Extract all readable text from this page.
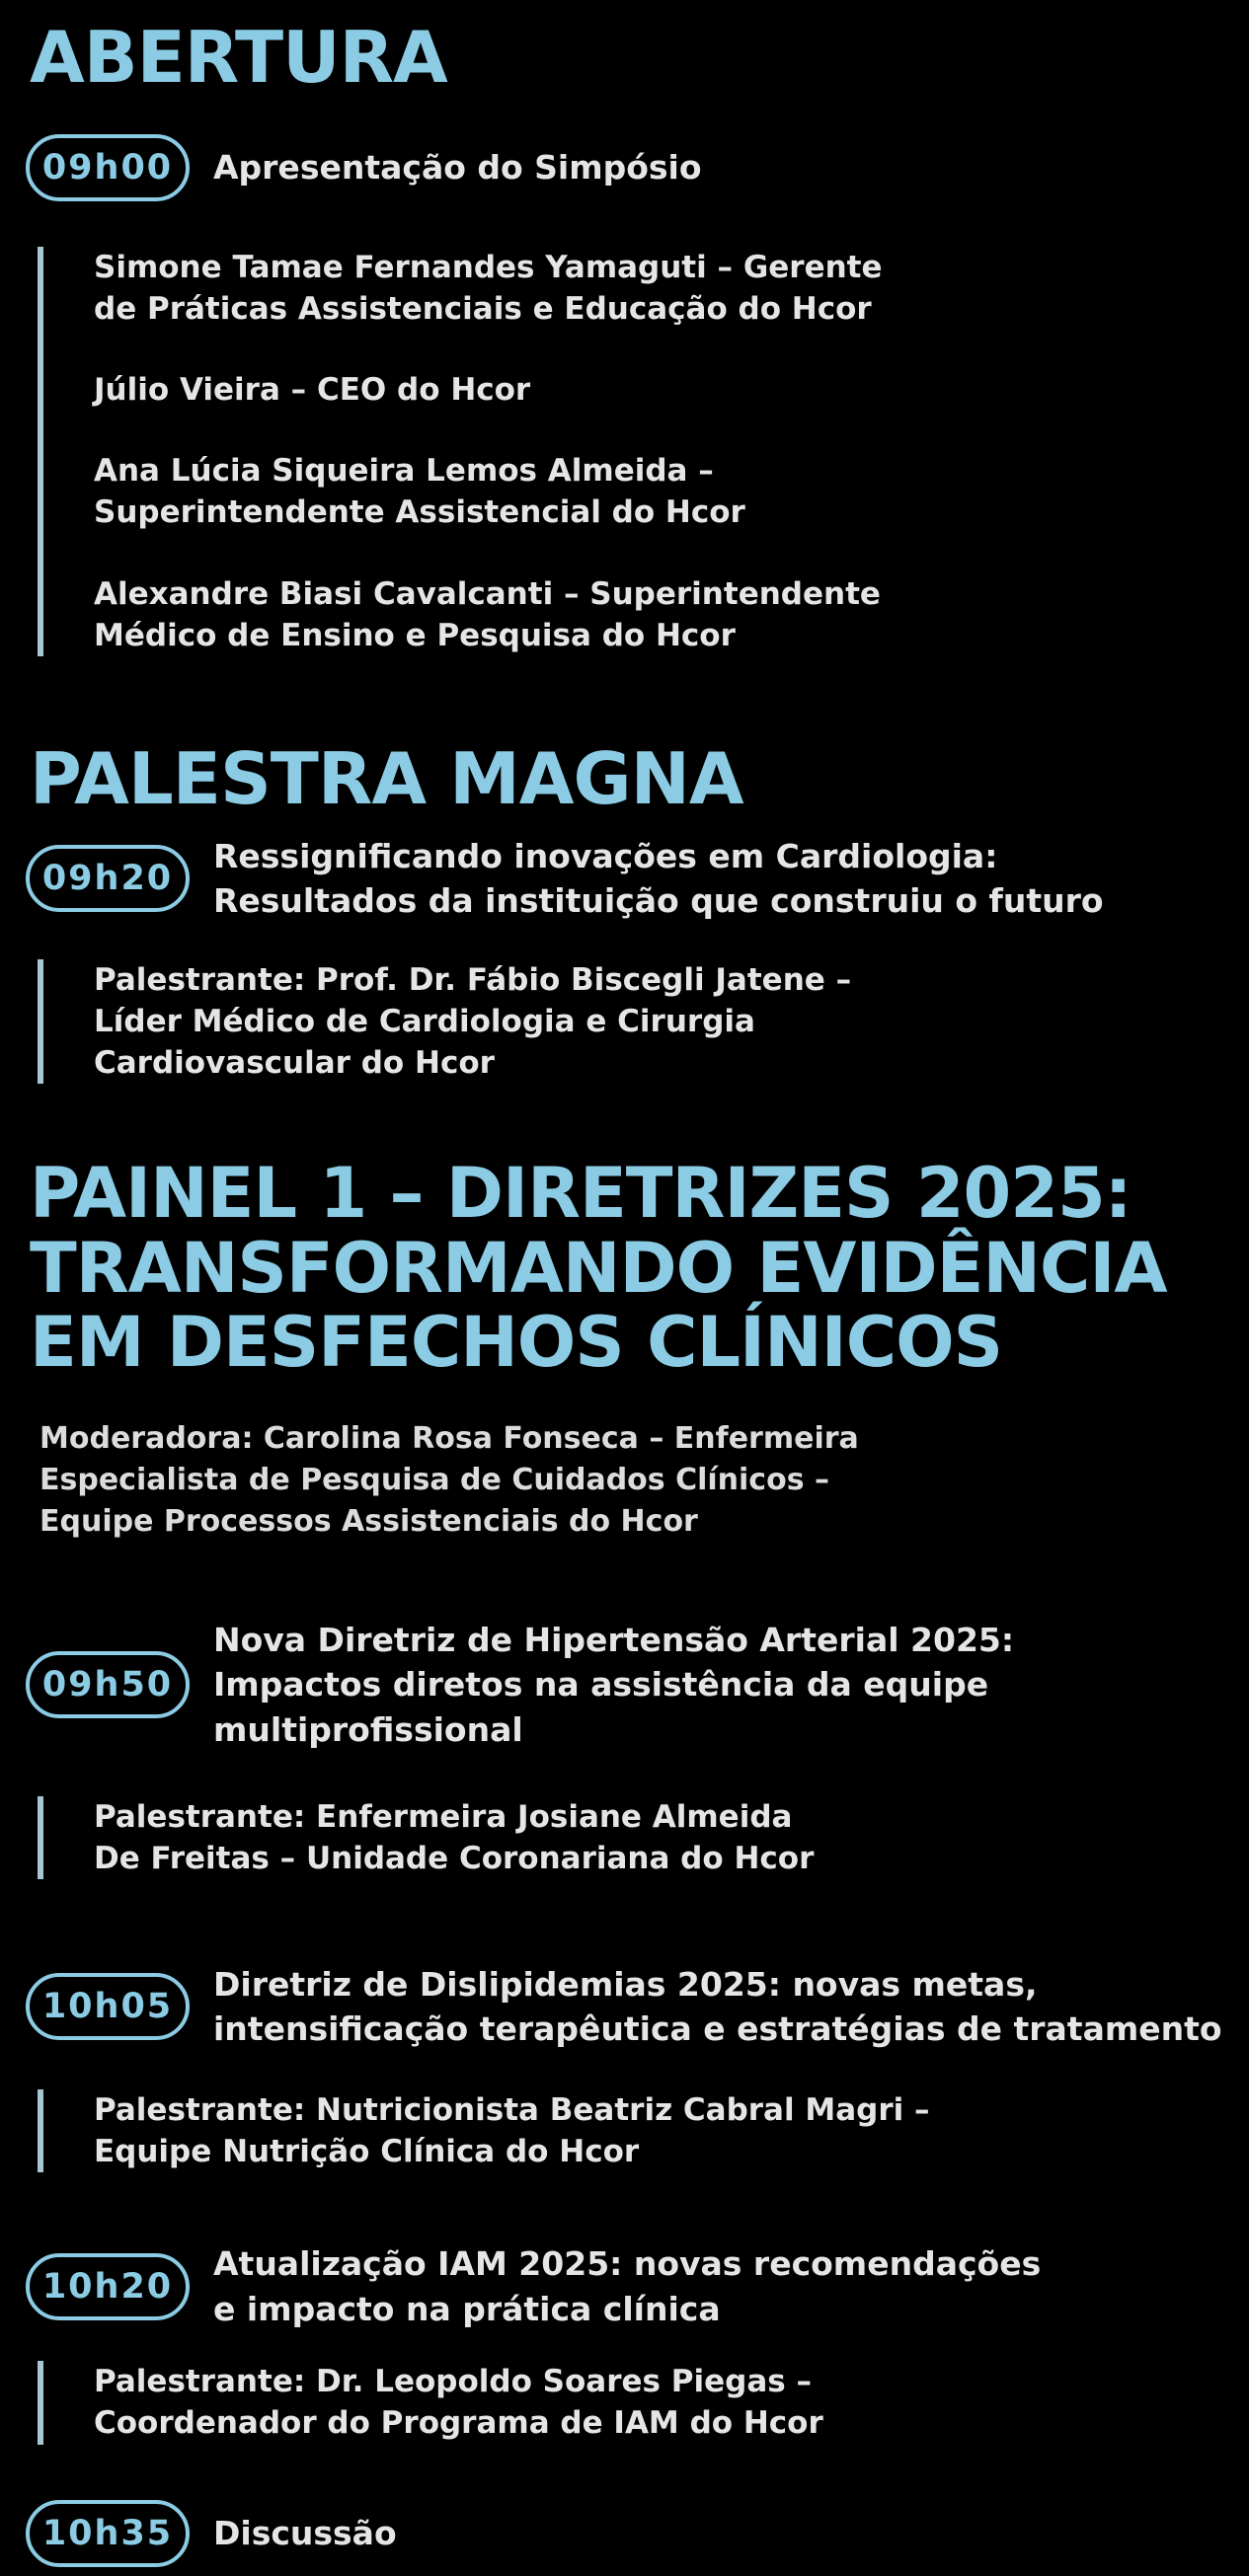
ABERTURA
09h00	Apresentação do Simpósio

Simone Tamae Fernandes Yamaguti – Gerente
de Práticas Assistenciais e Educação do Hcor

Júlio Vieira – CEO do Hcor

Ana Lúcia Siqueira Lemos Almeida –
Superintendente Assistencial do Hcor

Alexandre Biasi Cavalcanti – Superintendente
Médico de Ensino e Pesquisa do Hcor

PALESTRA MAGNA
09h20
Ressignificando inovações em Cardiologia:
Resultados da instituição que construiu o futuro

Palestrante: Prof. Dr. Fábio Biscegli Jatene –
Líder Médico de Cardiologia e Cirurgia
Cardiovascular do Hcor

PAINEL 1 – DIRETRIZES 2025:
TRANSFORMANDO EVIDÊNCIA
EM DESFECHOS CLÍNICOS
Moderadora: Carolina Rosa Fonseca – Enfermeira
Especialista de Pesquisa de Cuidados Clínicos –
Equipe Processos Assistenciais do Hcor
09h50
Nova Diretriz de Hipertensão Arterial 2025:
Impactos diretos na assistência da equipe multiprofissional

Palestrante: Enfermeira Josiane Almeida
De Freitas – Unidade Coronariana do Hcor

10h05
Diretriz de Dislipidemias 2025: novas metas,
intensificação terapêutica e estratégias de tratamento

Palestrante: Nutricionista Beatriz Cabral Magri –
Equipe Nutrição Clínica do Hcor

10h20
Atualização IAM 2025: novas recomendações
e impacto na prática clínica

Palestrante: Dr. Leopoldo Soares Piegas –
Coordenador do Programa de IAM do Hcor

10h35	Discussão
